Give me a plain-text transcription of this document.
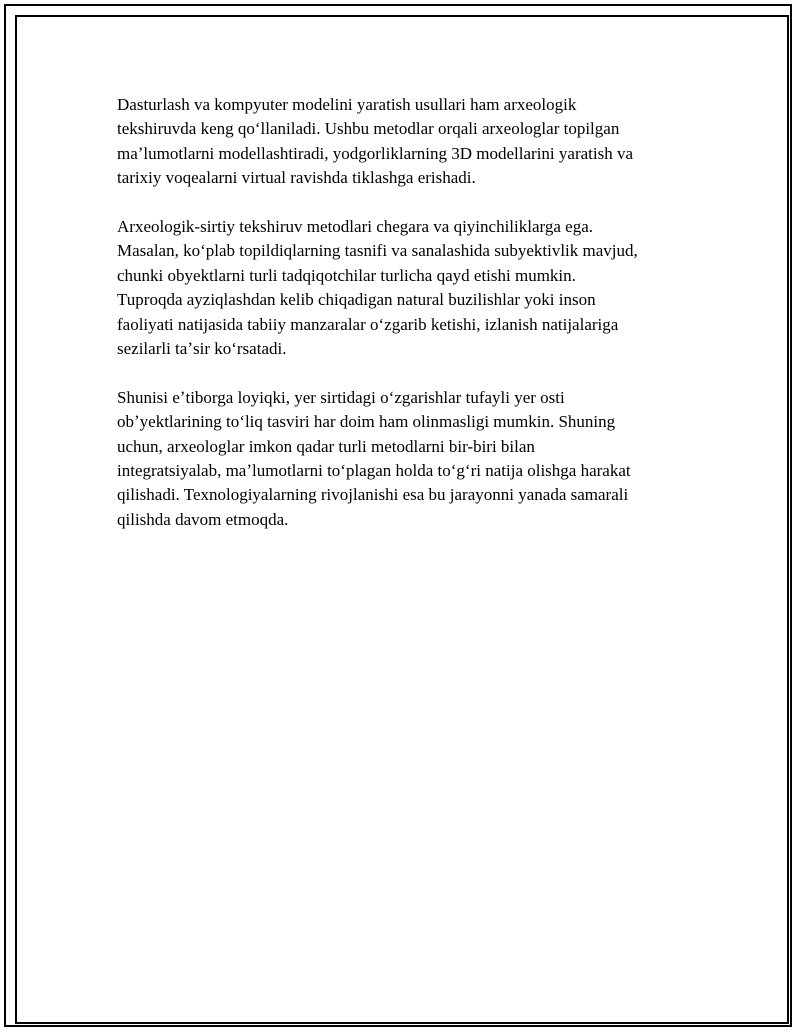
Dasturlash va kompyuter modelini yaratish usullari ham arxeologik
tekshiruvda keng qoʻllaniladi. Ushbu metodlar orqali arxeologlar topilgan
maʼlumotlarni modellashtiradi, yodgorliklarning 3D modellarini yaratish va
tarixiy voqealarni virtual ravishda tiklashga erishadi.

Arxeologik-sirtiy tekshiruv metodlari chegara va qiyinchiliklarga ega.
Masalan, koʻplab topildiqlarning tasnifi va sanalashida subyektivlik mavjud,
chunki obyektlarni turli tadqiqotchilar turlicha qayd etishi mumkin.
Tuproqda ayziqlashdan kelib chiqadigan natural buzilishlar yoki inson
faoliyati natijasida tabiiy manzaralar oʻzgarib ketishi, izlanish natijalariga
sezilarli taʼsir koʻrsatadi.

Shunisi eʼtiborga loyiqki, yer sirtidagi oʻzgarishlar tufayli yer osti
obʼyektlarining toʻliq tasviri har doim ham olinmasligi mumkin. Shuning
uchun, arxeologlar imkon qadar turli metodlarni bir-biri bilan
integratsiyalab, maʼlumotlarni toʻplagan holda toʻgʻri natija olishga harakat
qilishadi. Texnologiyalarning rivojlanishi esa bu jarayonni yanada samarali
qilishda davom etmoqda.
